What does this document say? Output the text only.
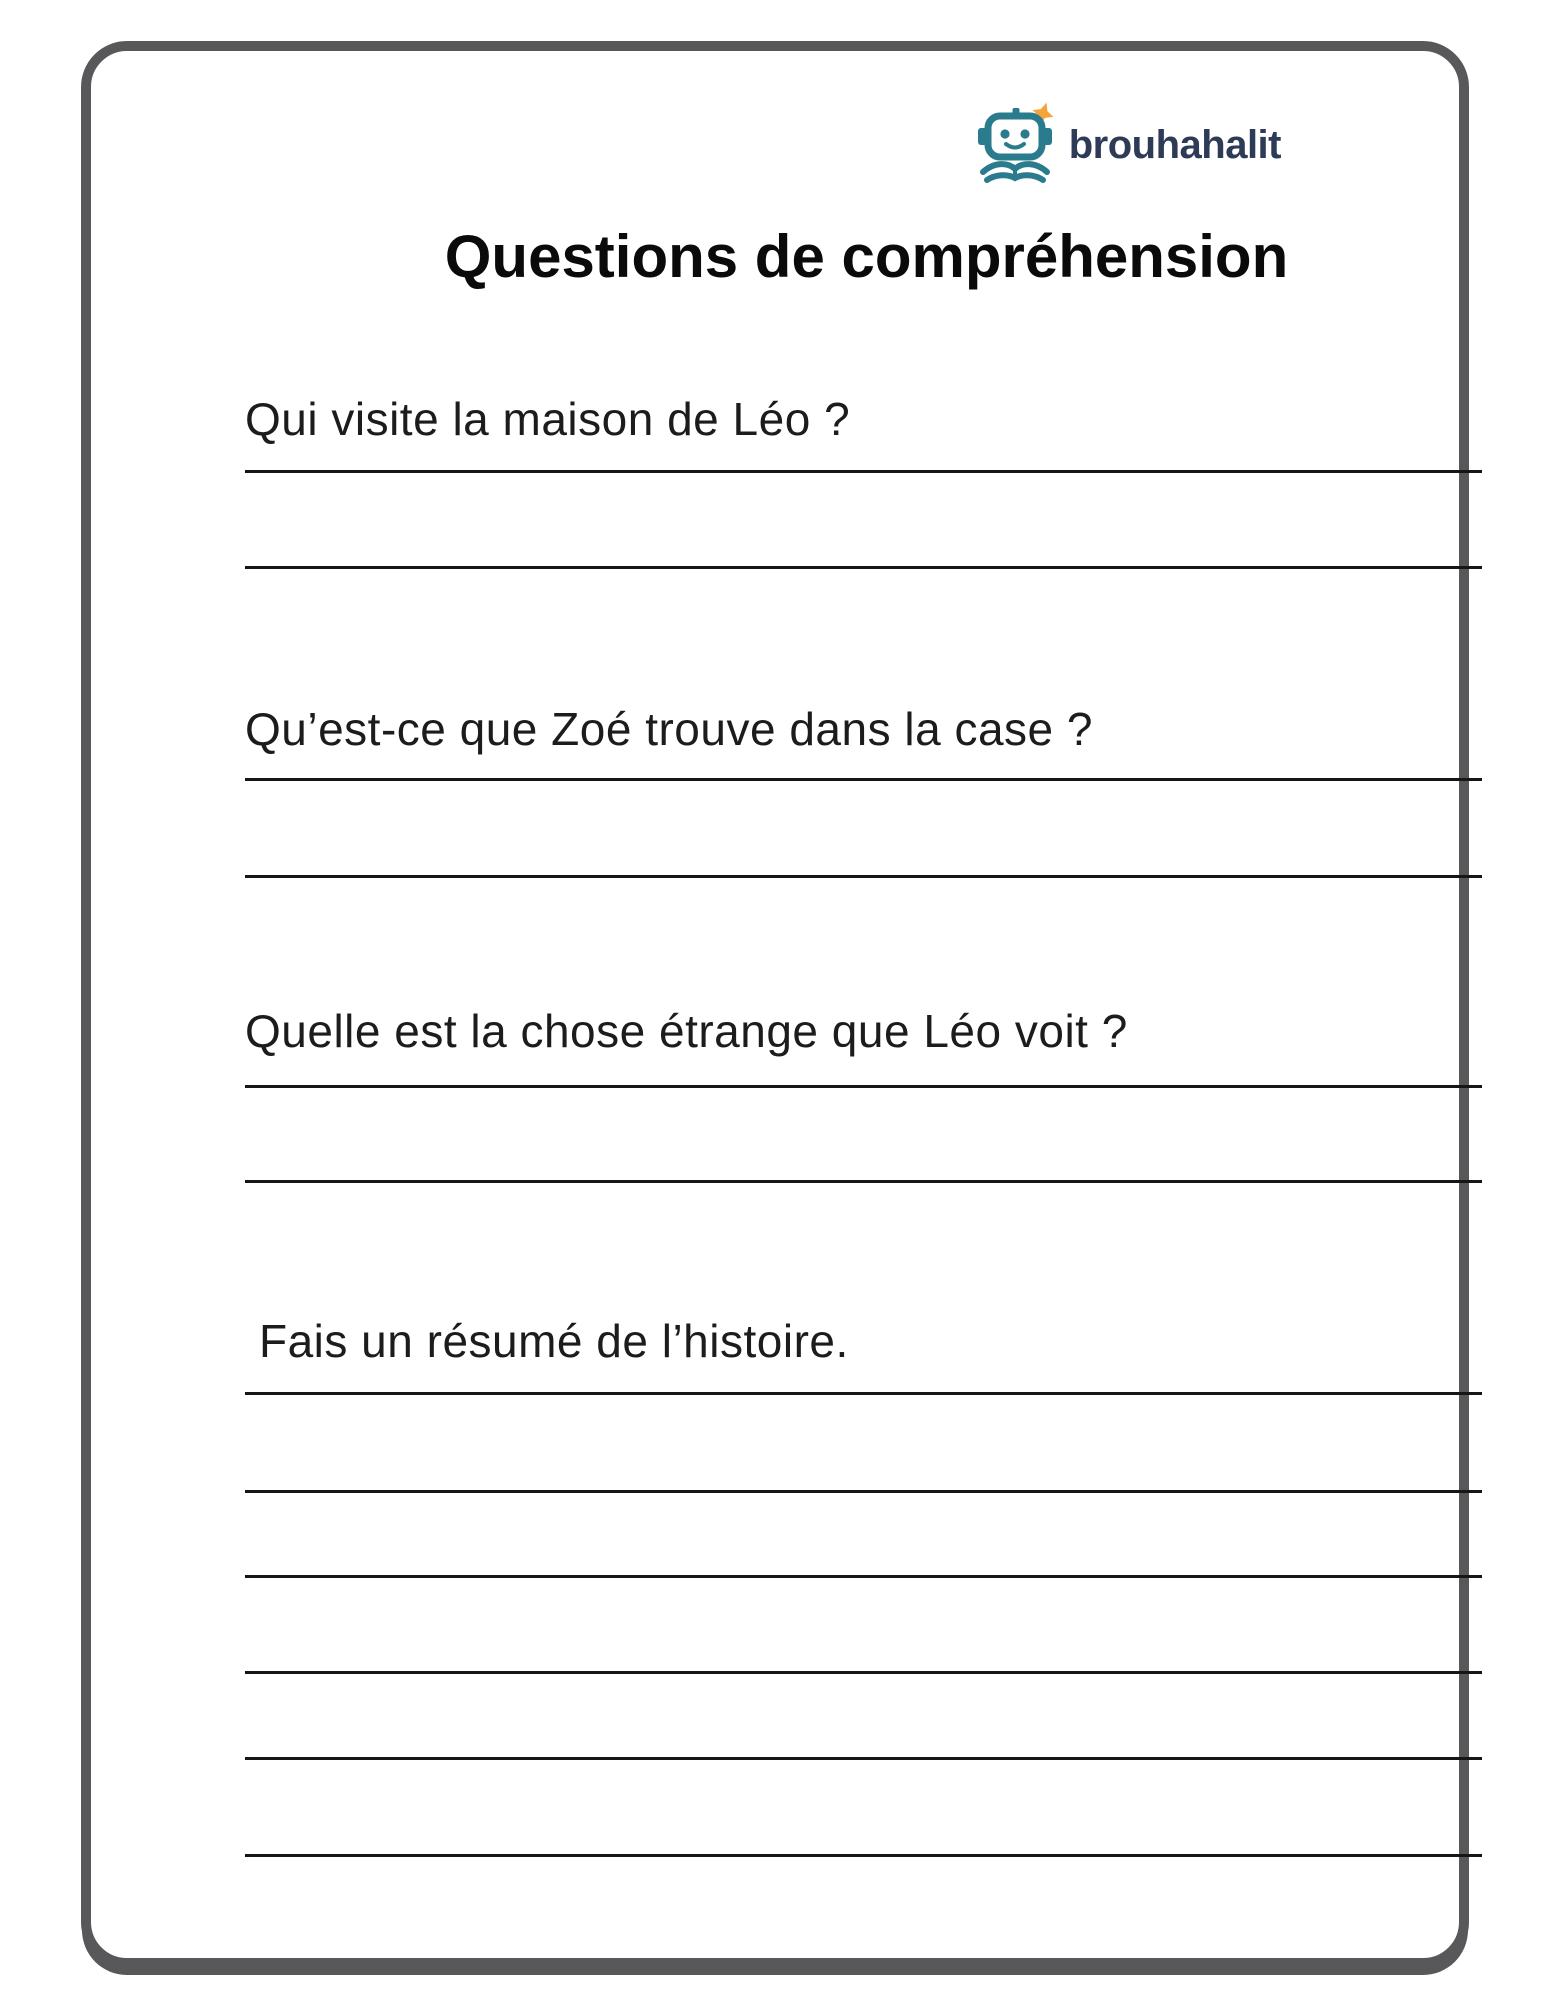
brouhahalit
Questions de compréhension
Qui visite la maison de Léo ?
Qu’est-ce que Zoé trouve dans la case ?
Quelle est la chose étrange que Léo voit ?
Fais un résumé de l’histoire.
